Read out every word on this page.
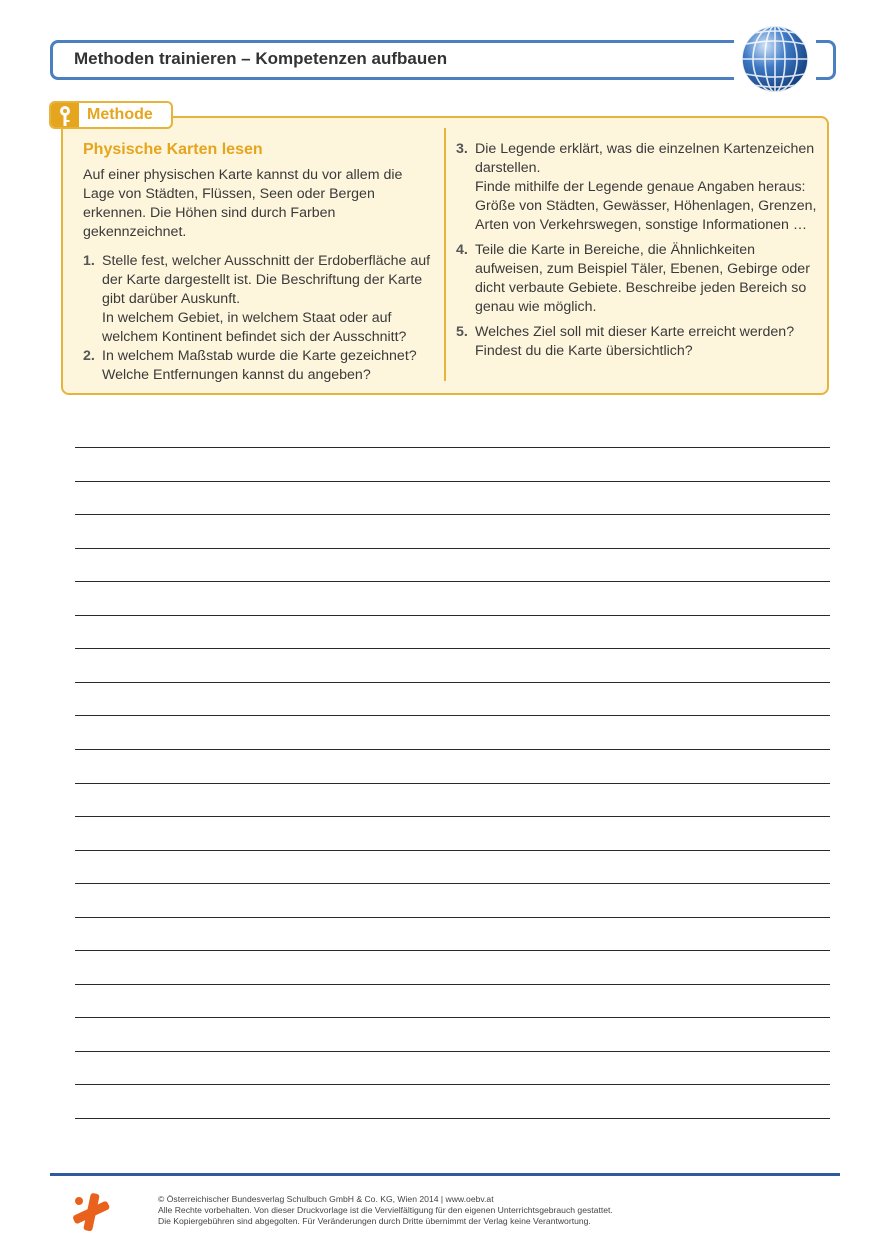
Methoden trainieren – Kompetenzen aufbauen
Methode
Physische Karten lesen
Auf einer physischen Karte kannst du vor allem die Lage von Städten, Flüssen, Seen oder Bergen erkennen. Die Höhen sind durch Farben gekennzeichnet.
1. Stelle fest, welcher Ausschnitt der Erdoberfläche auf der Karte dargestellt ist. Die Beschriftung der Karte gibt darüber Auskunft.
In welchem Gebiet, in welchem Staat oder auf welchem Kontinent befindet sich der Ausschnitt?
2. In welchem Maßstab wurde die Karte gezeichnet? Welche Entfernungen kannst du angeben?
3. Die Legende erklärt, was die einzelnen Kartenzeichen darstellen.
Finde mithilfe der Legende genaue Angaben heraus: Größe von Städten, Gewässer, Höhenlagen, Grenzen, Arten von Verkehrswegen, sonstige Informationen …
4. Teile die Karte in Bereiche, die Ähnlichkeiten aufweisen, zum Beispiel Täler, Ebenen, Gebirge oder dicht verbaute Gebiete. Beschreibe jeden Bereich so genau wie möglich.
5. Welches Ziel soll mit dieser Karte erreicht werden? Findest du die Karte übersichtlich?
© Österreichischer Bundesverlag Schulbuch GmbH & Co. KG, Wien 2014 | www.oebv.at
Alle Rechte vorbehalten. Von dieser Druckvorlage ist die Vervielfältigung für den eigenen Unterrichtsgebrauch gestattet.
Die Kopiergebühren sind abgegolten. Für Veränderungen durch Dritte übernimmt der Verlag keine Verantwortung.
